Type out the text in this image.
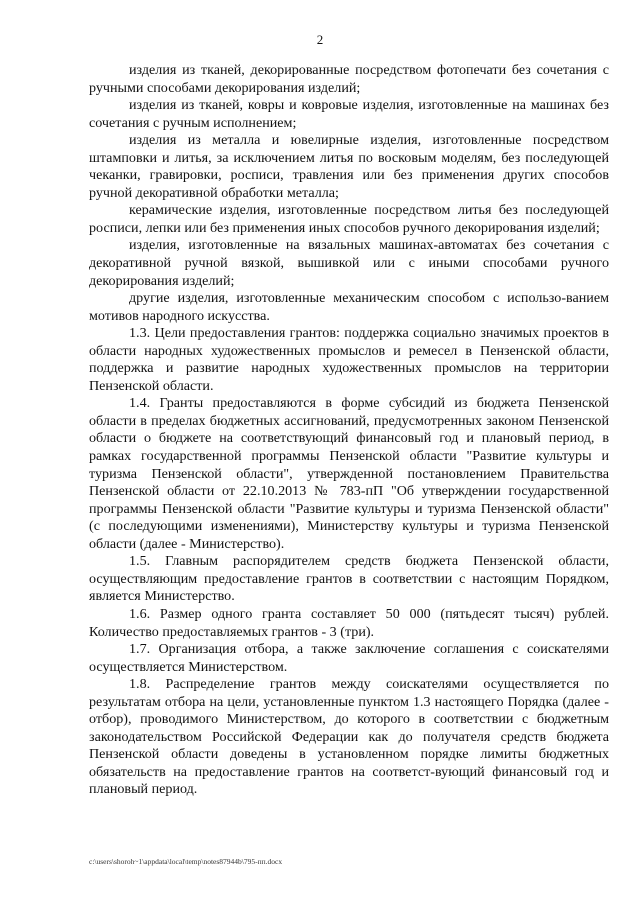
2

изделия из тканей, декорированные посредством фотопечати без сочетания с ручными способами декорирования изделий;

изделия из тканей, ковры и ковровые изделия, изготовленные на машинах без сочетания с ручным исполнением;

изделия из металла и ювелирные изделия, изготовленные посредством штамповки и литья, за исключением литья по восковым моделям, без последующей чеканки, гравировки, росписи, травления или без применения других способов ручной декоративной обработки металла;

керамические изделия, изготовленные посредством литья без последующей росписи, лепки или без применения иных способов ручного декорирования изделий;

изделия, изготовленные на вязальных машинах-автоматах без сочетания с декоративной ручной вязкой, вышивкой или с иными способами ручного декорирования изделий;

другие изделия, изготовленные механическим способом с использо-ванием мотивов народного искусства.

1.3. Цели предоставления грантов: поддержка социально значимых проектов в области народных художественных промыслов и ремесел в Пензенской области, поддержка и развитие народных художественных промыслов на территории Пензенской области.

1.4. Гранты предоставляются в форме субсидий из бюджета Пензенской области в пределах бюджетных ассигнований, предусмотренных законом Пензенской области о бюджете на соответствующий финансовый год и плановый период, в рамках государственной программы Пензенской области "Развитие культуры и туризма Пензенской области", утвержденной постановлением Правительства Пензенской области от 22.10.2013 № 783-пП "Об утверждении государственной программы Пензенской области "Развитие культуры и туризма Пензенской области" (с последующими изменениями), Министерству культуры и туризма Пензенской области (далее - Министерство).

1.5. Главным распорядителем средств бюджета Пензенской области, осуществляющим предоставление грантов в соответствии с настоящим Порядком, является Министерство.

1.6. Размер одного гранта составляет 50 000 (пятьдесят тысяч) рублей. Количество предоставляемых грантов - 3 (три).

1.7. Организация отбора, а также заключение соглашения с соискателями осуществляется Министерством.

1.8. Распределение грантов между соискателями осуществляется по результатам отбора на цели, установленные пунктом 1.3 настоящего Порядка (далее - отбор), проводимого Министерством, до которого в соответствии с бюджетным законодательством Российской Федерации как до получателя средств бюджета Пензенской области доведены в установленном порядке лимиты бюджетных обязательств на предоставление грантов на соответст-вующий финансовый год и плановый период.

c:\users\shoroh~1\appdata\local\temp\notes87944b\795-пп.docx
